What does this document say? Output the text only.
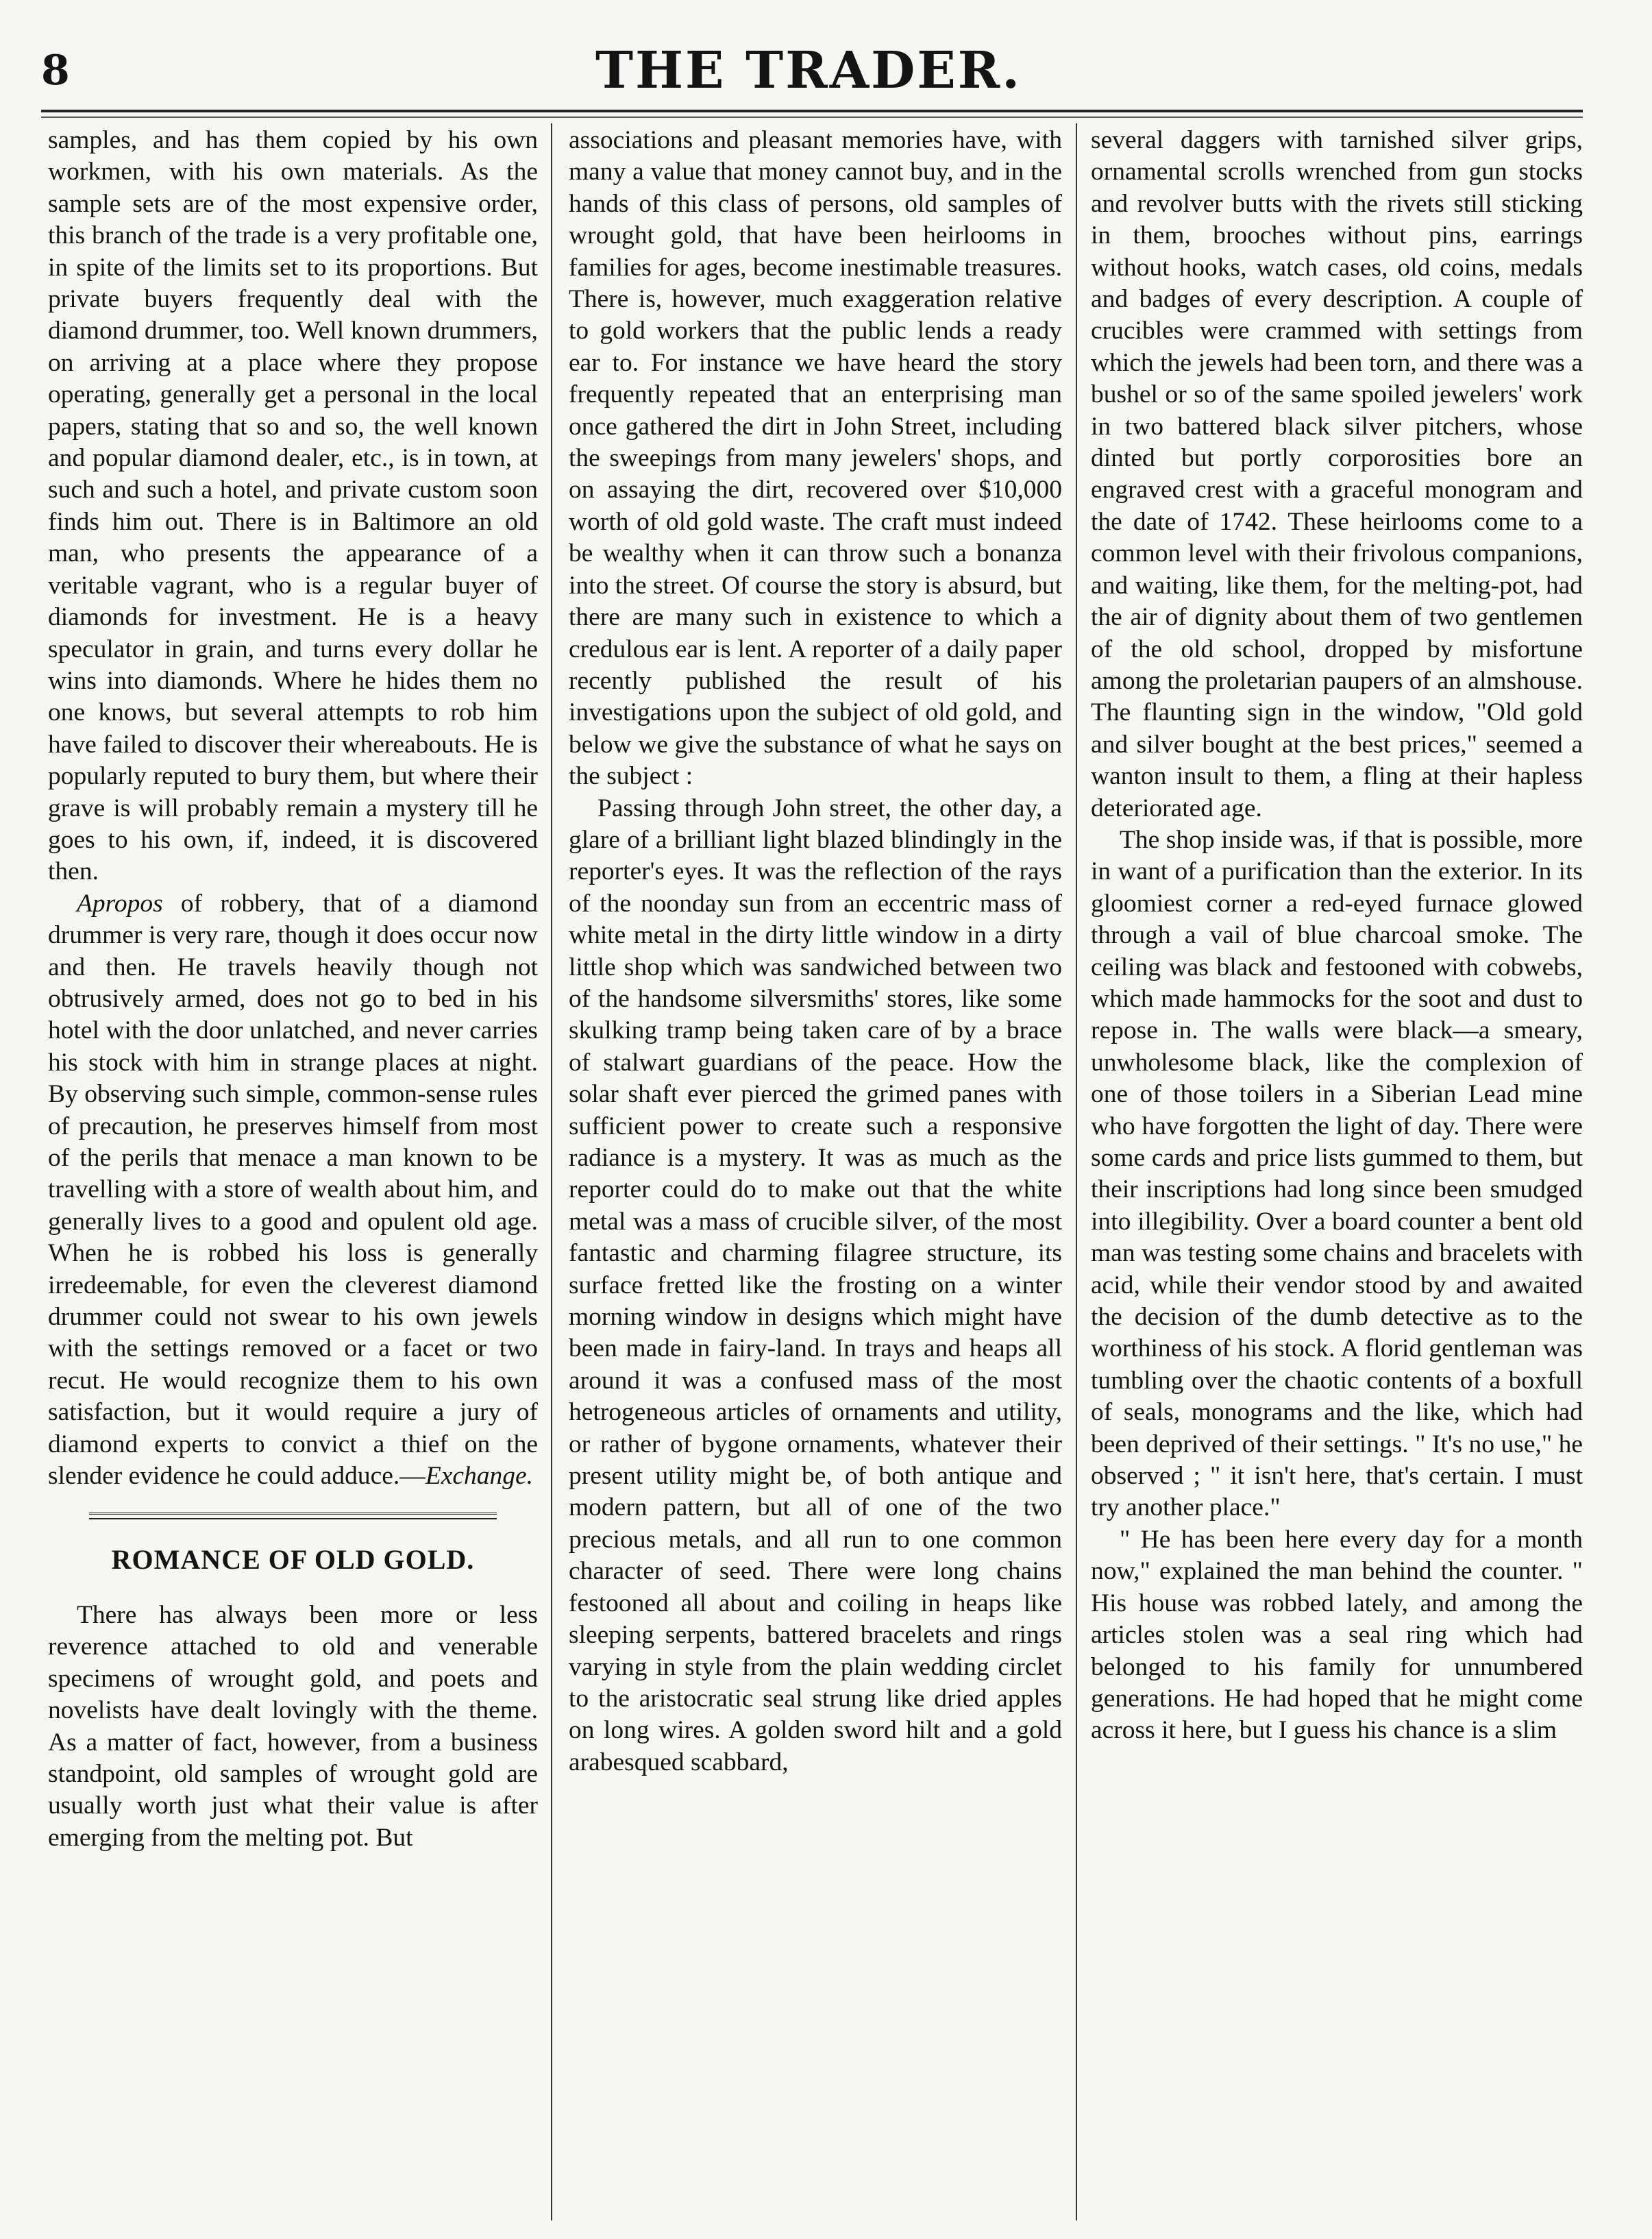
8	THE TRADER.

samples, and has them copied by his own workmen, with his own materials. As the sample sets are of the most expensive order, this branch of the trade is a very profitable one, in spite of the limits set to its proportions. But private buyers frequently deal with the diamond drummer, too. Well known drummers, on arriving at a place where they propose operating, generally get a personal in the local papers, stating that so and so, the well known and popular diamond dealer, etc., is in town, at such and such a hotel, and private custom soon finds him out. There is in Baltimore an old man, who presents the appearance of a veritable vagrant, who is a regular buyer of diamonds for investment. He is a heavy speculator in grain, and turns every dollar he wins into diamonds. Where he hides them no one knows, but several attempts to rob him have failed to discover their whereabouts. He is popularly reputed to bury them, but where their grave is will probably remain a mystery till he goes to his own, if, indeed, it is discovered then.

Apropos of robbery, that of a diamond drummer is very rare, though it does occur now and then. He travels heavily though not obtrusively armed, does not go to bed in his hotel with the door unlatched, and never carries his stock with him in strange places at night. By observing such simple, common-sense rules of precaution, he preserves himself from most of the perils that menace a man known to be travelling with a store of wealth about him, and generally lives to a good and opulent old age. When he is robbed his loss is generally irredeemable, for even the cleverest diamond drummer could not swear to his own jewels with the settings removed or a facet or two recut. He would recognize them to his own satisfaction, but it would require a jury of diamond experts to convict a thief on the slender evidence he could adduce.—Exchange.

ROMANCE OF OLD GOLD.

There has always been more or less reverence attached to old and venerable specimens of wrought gold, and poets and novelists have dealt lovingly with the theme. As a matter of fact, however, from a business standpoint, old samples of wrought gold are usually worth just what their value is after emerging from the melting pot. But

associations and pleasant memories have, with many a value that money cannot buy, and in the hands of this class of persons, old samples of wrought gold, that have been heirlooms in families for ages, become inestimable treasures. There is, however, much exaggeration relative to gold workers that the public lends a ready ear to. For instance we have heard the story frequently repeated that an enterprising man once gathered the dirt in John Street, including the sweepings from many jewelers' shops, and on assaying the dirt, recovered over $10,000 worth of old gold waste. The craft must indeed be wealthy when it can throw such a bonanza into the street. Of course the story is absurd, but there are many such in existence to which a credulous ear is lent. A reporter of a daily paper recently published the result of his investigations upon the subject of old gold, and below we give the substance of what he says on the subject :

Passing through John street, the other day, a glare of a brilliant light blazed blindingly in the reporter's eyes. It was the reflection of the rays of the noonday sun from an eccentric mass of white metal in the dirty little window in a dirty little shop which was sandwiched between two of the handsome silversmiths' stores, like some skulking tramp being taken care of by a brace of stalwart guardians of the peace. How the solar shaft ever pierced the grimed panes with sufficient power to create such a responsive radiance is a mystery. It was as much as the reporter could do to make out that the white metal was a mass of crucible silver, of the most fantastic and charming filagree structure, its surface fretted like the frosting on a winter morning window in designs which might have been made in fairy-land. In trays and heaps all around it was a confused mass of the most hetrogeneous articles of ornaments and utility, or rather of bygone ornaments, whatever their present utility might be, of both antique and modern pattern, but all of one of the two precious metals, and all run to one common character of seed. There were long chains festooned all about and coiling in heaps like sleeping serpents, battered bracelets and rings varying in style from the plain wedding circlet to the aristocratic seal strung like dried apples on long wires. A golden sword hilt and a gold arabesqued scabbard,

several daggers with tarnished silver grips, ornamental scrolls wrenched from gun stocks and revolver butts with the rivets still sticking in them, brooches without pins, earrings without hooks, watch cases, old coins, medals and badges of every description. A couple of crucibles were crammed with settings from which the jewels had been torn, and there was a bushel or so of the same spoiled jewelers' work in two battered black silver pitchers, whose dinted but portly corporosities bore an engraved crest with a graceful monogram and the date of 1742. These heirlooms come to a common level with their frivolous companions, and waiting, like them, for the melting-pot, had the air of dignity about them of two gentlemen of the old school, dropped by misfortune among the proletarian paupers of an almshouse. The flaunting sign in the window, "Old gold and silver bought at the best prices," seemed a wanton insult to them, a fling at their hapless deteriorated age.

The shop inside was, if that is possible, more in want of a purification than the exterior. In its gloomiest corner a red-eyed furnace glowed through a vail of blue charcoal smoke. The ceiling was black and festooned with cobwebs, which made hammocks for the soot and dust to repose in. The walls were black—a smeary, unwholesome black, like the complexion of one of those toilers in a Siberian Lead mine who have forgotten the light of day. There were some cards and price lists gummed to them, but their inscriptions had long since been smudged into illegibility. Over a board counter a bent old man was testing some chains and bracelets with acid, while their vendor stood by and awaited the decision of the dumb detective as to the worthiness of his stock. A florid gentleman was tumbling over the chaotic contents of a boxfull of seals, monograms and the like, which had been deprived of their settings. " It's no use," he observed ; " it isn't here, that's certain. I must try another place."

" He has been here every day for a month now," explained the man behind the counter. " His house was robbed lately, and among the articles stolen was a seal ring which had belonged to his family for unnumbered generations. He had hoped that he might come across it here, but I guess his chance is a slim
